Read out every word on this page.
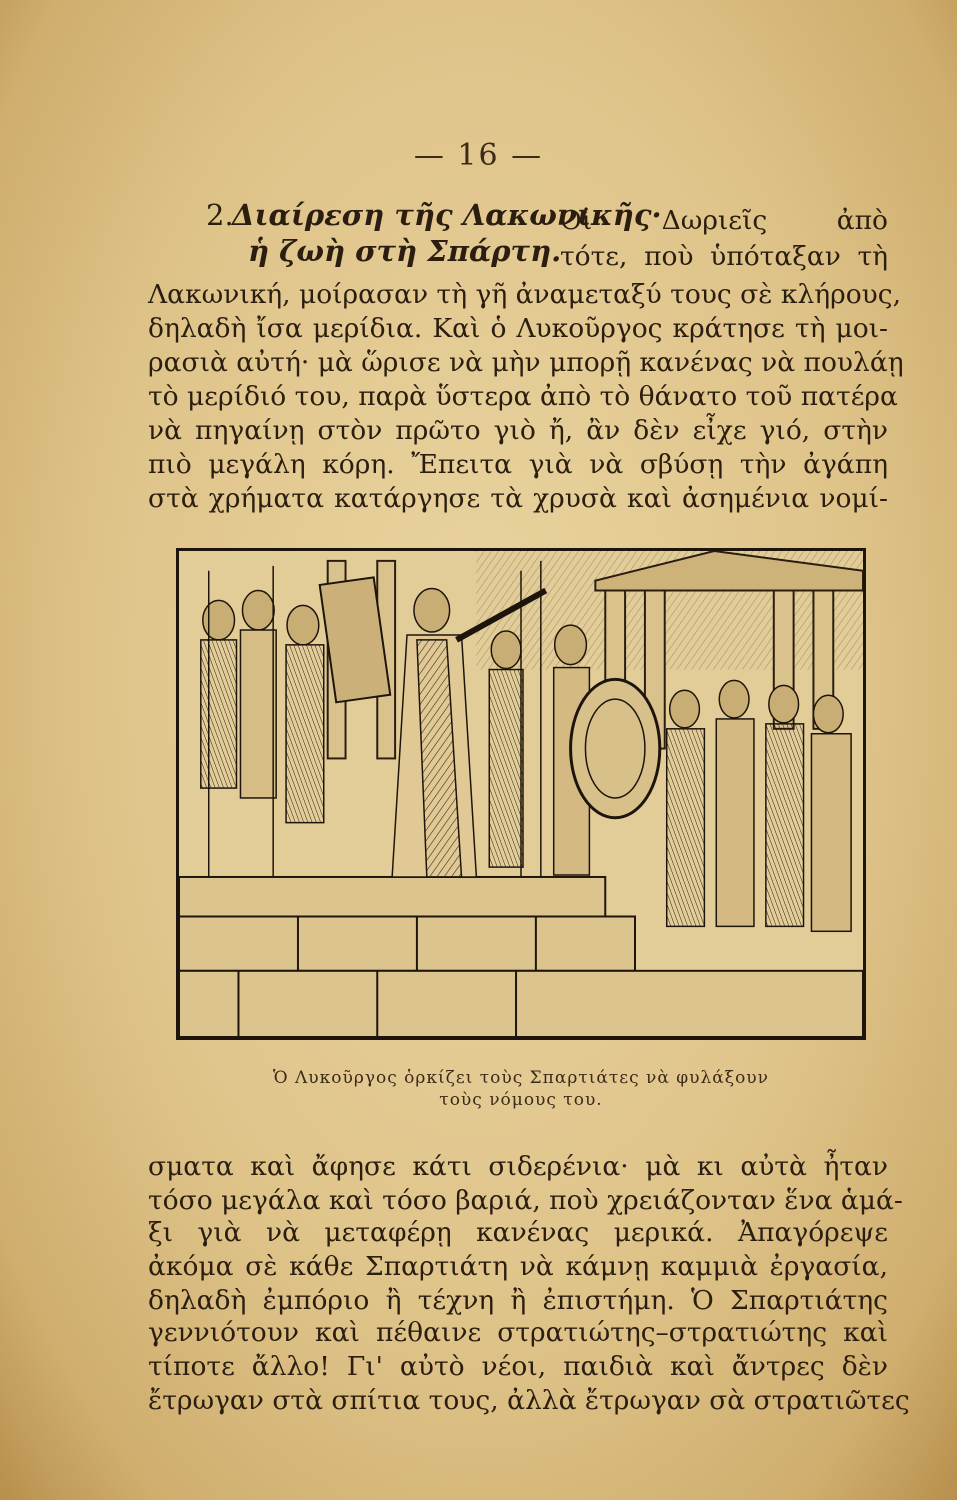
— 16 —
2.
Διαίρεση τῆς Λακωνικῆς·
ἡ ζωὴ στὴ Σπάρτη.
Οἱ Δωριεῖς ἀπὸ
τότε, ποὺ ὑπόταξαν τὴ
Λακωνική, μοίρασαν τὴ γῆ ἀναμεταξύ τους σὲ κλήρους,
δηλαδὴ ἴσα μερίδια. Καὶ ὁ Λυκοῦργος κράτησε τὴ μοι-
ρασιὰ αὐτή· μὰ ὥρισε νὰ μὴν μπορῇ κανένας νὰ πουλάῃ
τὸ μερίδιό του, παρὰ ὕστερα ἀπὸ τὸ θάνατο τοῦ πατέρα
νὰ πηγαίνῃ στὸν πρῶτο γιὸ ἤ, ἂν δὲν εἶχε γιό, στὴν
πιὸ μεγάλη κόρη. Ἔπειτα γιὰ νὰ σβύσῃ τὴν ἀγάπη
στὰ χρήματα κατάργησε τὰ χρυσὰ καὶ ἀσημένια νομί-
Ὁ Λυκοῦργος ὁρκίζει τοὺς Σπαρτιάτες νὰ φυλάξουν
τοὺς νόμους του.
σματα καὶ ἄφησε κάτι σιδερένια· μὰ κι αὐτὰ ἦταν
τόσο μεγάλα καὶ τόσο βαριά, ποὺ χρειάζονταν ἕνα ἁμά-
ξι γιὰ νὰ μεταφέρῃ κανένας μερικά. Ἀπαγόρεψε
ἀκόμα σὲ κάθε Σπαρτιάτη νὰ κάμνῃ καμμιὰ ἐργασία,
δηλαδὴ ἐμπόριο ἢ τέχνη ἢ ἐπιστήμη. Ὁ Σπαρτιάτης
γεννιότουν καὶ πέθαινε στρατιώτης–στρατιώτης καὶ
τίποτε ἄλλο! Γι' αὐτὸ νέοι, παιδιὰ καὶ ἄντρες δὲν
ἔτρωγαν στὰ σπίτια τους, ἀλλὰ ἔτρωγαν σὰ στρατιῶτες
